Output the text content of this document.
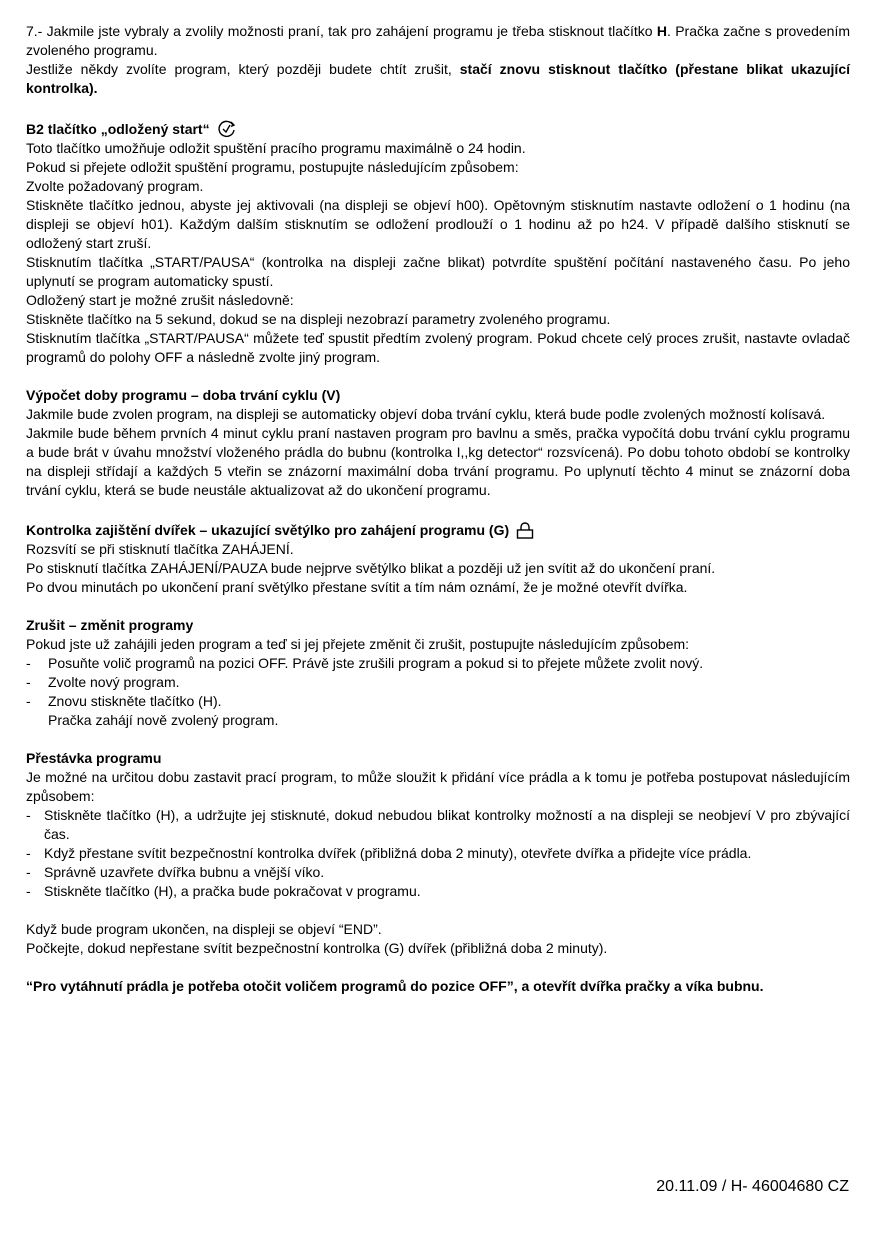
7.- Jakmile jste vybraly a zvolily možnosti praní, tak pro zahájení programu je třeba stisknout tlačítko H. Pračka začne s provedením zvoleného programu.

Jestliže někdy zvolíte program, který později budete chtít zrušit, stačí znovu stisknout tlačítko (přestane blikat ukazující kontrolka).

B2 tlačítko „odložený start“

Toto tlačítko umožňuje odložit spuštění pracího programu maximálně o 24 hodin.

Pokud si přejete odložit spuštění programu, postupujte následujícím způsobem:

Zvolte požadovaný program.

Stiskněte tlačítko jednou, abyste jej aktivovali (na displeji se objeví h00). Opětovným stisknutím nastavte odložení o 1 hodinu (na displeji se objeví h01). Každým dalším stisknutím se odložení prodlouží o 1 hodinu až po h24. V případě dalšího stisknutí se odložený start zruší.

Stisknutím tlačítka „START/PAUSA“ (kontrolka na displeji začne blikat) potvrdíte spuštění počítání nastaveného času. Po jeho uplynutí se program automaticky spustí.

Odložený start je možné zrušit následovně:

Stiskněte tlačítko na 5 sekund, dokud se na displeji nezobrazí parametry zvoleného programu.

Stisknutím tlačítka „START/PAUSA“ můžete teď spustit předtím zvolený program. Pokud chcete celý proces zrušit, nastavte ovladač programů do polohy OFF a následně zvolte jiný program.

Výpočet doby programu – doba trvání cyklu (V)

Jakmile bude zvolen program, na displeji se automaticky objeví doba trvání cyklu, která bude podle zvolených možností kolísavá.

Jakmile bude během prvních 4 minut cyklu praní nastaven program pro bavlnu a směs, pračka vypočítá dobu trvání cyklu programu a bude brát v úvahu množství vloženého prádla do bubnu (kontrolka I,,kg detector“ rozsvícená). Po dobu tohoto období se kontrolky na displeji střídají a každých 5 vteřin se znázorní maximální doba trvání programu. Po uplynutí těchto 4 minut se znázorní doba trvání cyklu, která se bude neustále aktualizovat až do ukončení programu.

Kontrolka zajištění dvířek – ukazující světýlko pro zahájení programu (G)

Rozsvítí se při stisknutí tlačítka ZAHÁJENÍ.

Po stisknutí tlačítka ZAHÁJENÍ/PAUZA bude nejprve světýlko blikat a později už jen svítit až do ukončení praní.

Po dvou minutách po ukončení praní světýlko přestane svítit a tím nám oznámí, že je možné otevřít dvířka.

Zrušit – změnit programy

Pokud jste už zahájili jeden program a teď si jej přejete změnit či zrušit, postupujte následujícím způsobem:

-	Posuňte volič programů na pozici OFF. Právě jste zrušili program a pokud si to přejete můžete zvolit nový.
-	Zvolte nový program.
-	Znovu stiskněte tlačítko (H).

Pračka zahájí nově zvolený program.

Přestávka programu

Je možné na určitou dobu zastavit prací program, to může sloužit k přidání více prádla a k tomu je potřeba postupovat následujícím způsobem:

- Stiskněte tlačítko (H), a udržujte jej stisknuté, dokud nebudou blikat kontrolky možností a na displeji se neobjeví V pro zbývající čas.
- Když přestane svítit bezpečnostní kontrolka dvířek (přibližná doba 2 minuty), otevřete dvířka a přidejte více prádla.
- Správně uzavřete dvířka bubnu a vnější víko.
- Stiskněte tlačítko (H), a pračka bude pokračovat v programu.

Když bude program ukončen, na displeji se objeví “END”.

Počkejte, dokud nepřestane svítit bezpečnostní kontrolka (G) dvířek (přibližná doba 2 minuty).

“Pro vytáhnutí prádla je potřeba otočit voličem programů do pozice OFF”, a otevřít dvířka pračky a víka bubnu.

20.11.09 / H- 46004680 CZ
